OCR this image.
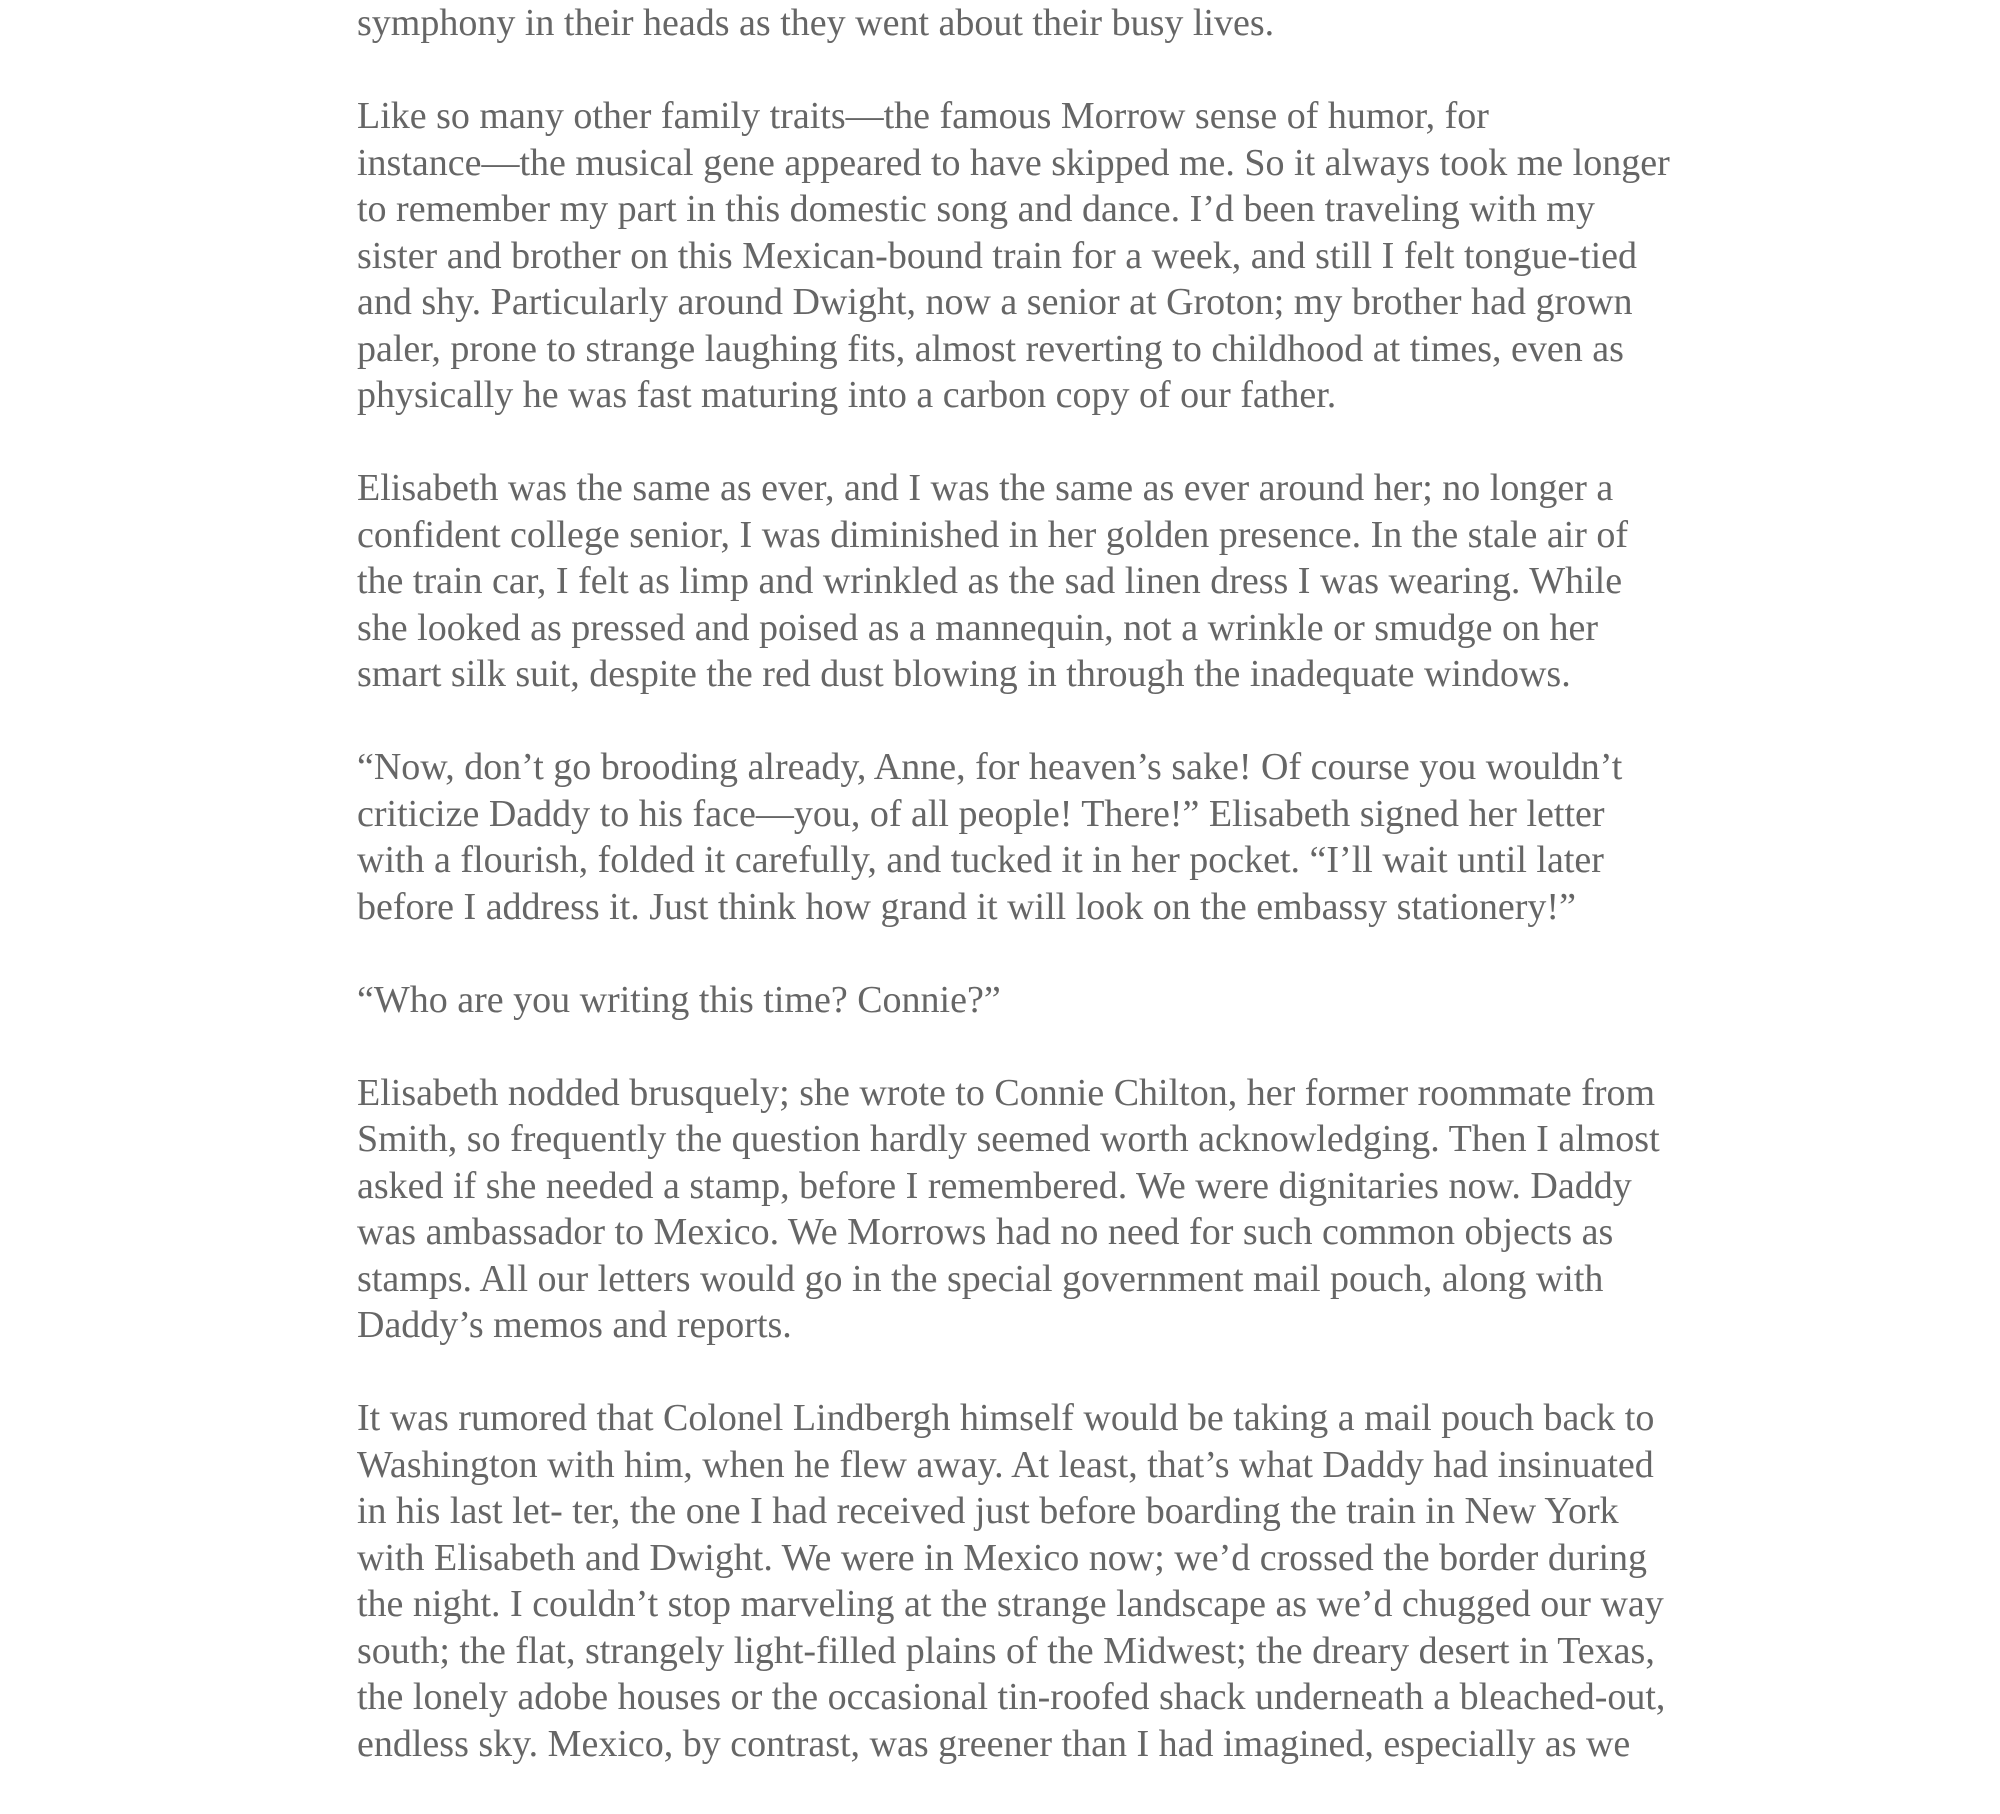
symphony in their heads as they went about their busy lives.

Like so many other family traits—the famous Morrow sense of humor, for
instance—the musical gene appeared to have skipped me. So it always took me longer
to remember my part in this domestic song and dance. I’d been traveling with my
sister and brother on this Mexican-bound train for a week, and still I felt tongue-tied
and shy. Particularly around Dwight, now a senior at Groton; my brother had grown
paler, prone to strange laughing fits, almost reverting to childhood at times, even as
physically he was fast maturing into a carbon copy of our father.

Elisabeth was the same as ever, and I was the same as ever around her; no longer a
confident college senior, I was diminished in her golden presence. In the stale air of
the train car, I felt as limp and wrinkled as the sad linen dress I was wearing. While
she looked as pressed and poised as a mannequin, not a wrinkle or smudge on her
smart silk suit, despite the red dust blowing in through the inadequate windows.

“Now, don’t go brooding already, Anne, for heaven’s sake! Of course you wouldn’t
criticize Daddy to his face—you, of all people! There!” Elisabeth signed her letter
with a flourish, folded it carefully, and tucked it in her pocket. “I’ll wait until later
before I address it. Just think how grand it will look on the embassy stationery!”

“Who are you writing this time? Connie?”

Elisabeth nodded brusquely; she wrote to Connie Chilton, her former roommate from
Smith, so frequently the question hardly seemed worth acknowledging. Then I almost
asked if she needed a stamp, before I remembered. We were dignitaries now. Daddy
was ambassador to Mexico. We Morrows had no need for such common objects as
stamps. All our letters would go in the special government mail pouch, along with
Daddy’s memos and reports.

It was rumored that Colonel Lindbergh himself would be taking a mail pouch back to
Washington with him, when he flew away. At least, that’s what Daddy had insinuated
in his last let- ter, the one I had received just before boarding the train in New York
with Elisabeth and Dwight. We were in Mexico now; we’d crossed the border during
the night. I couldn’t stop marveling at the strange landscape as we’d chugged our way
south; the flat, strangely light-filled plains of the Midwest; the dreary desert in Texas,
the lonely adobe houses or the occasional tin-roofed shack underneath a bleached-out,
endless sky. Mexico, by contrast, was greener than I had imagined, especially as we
